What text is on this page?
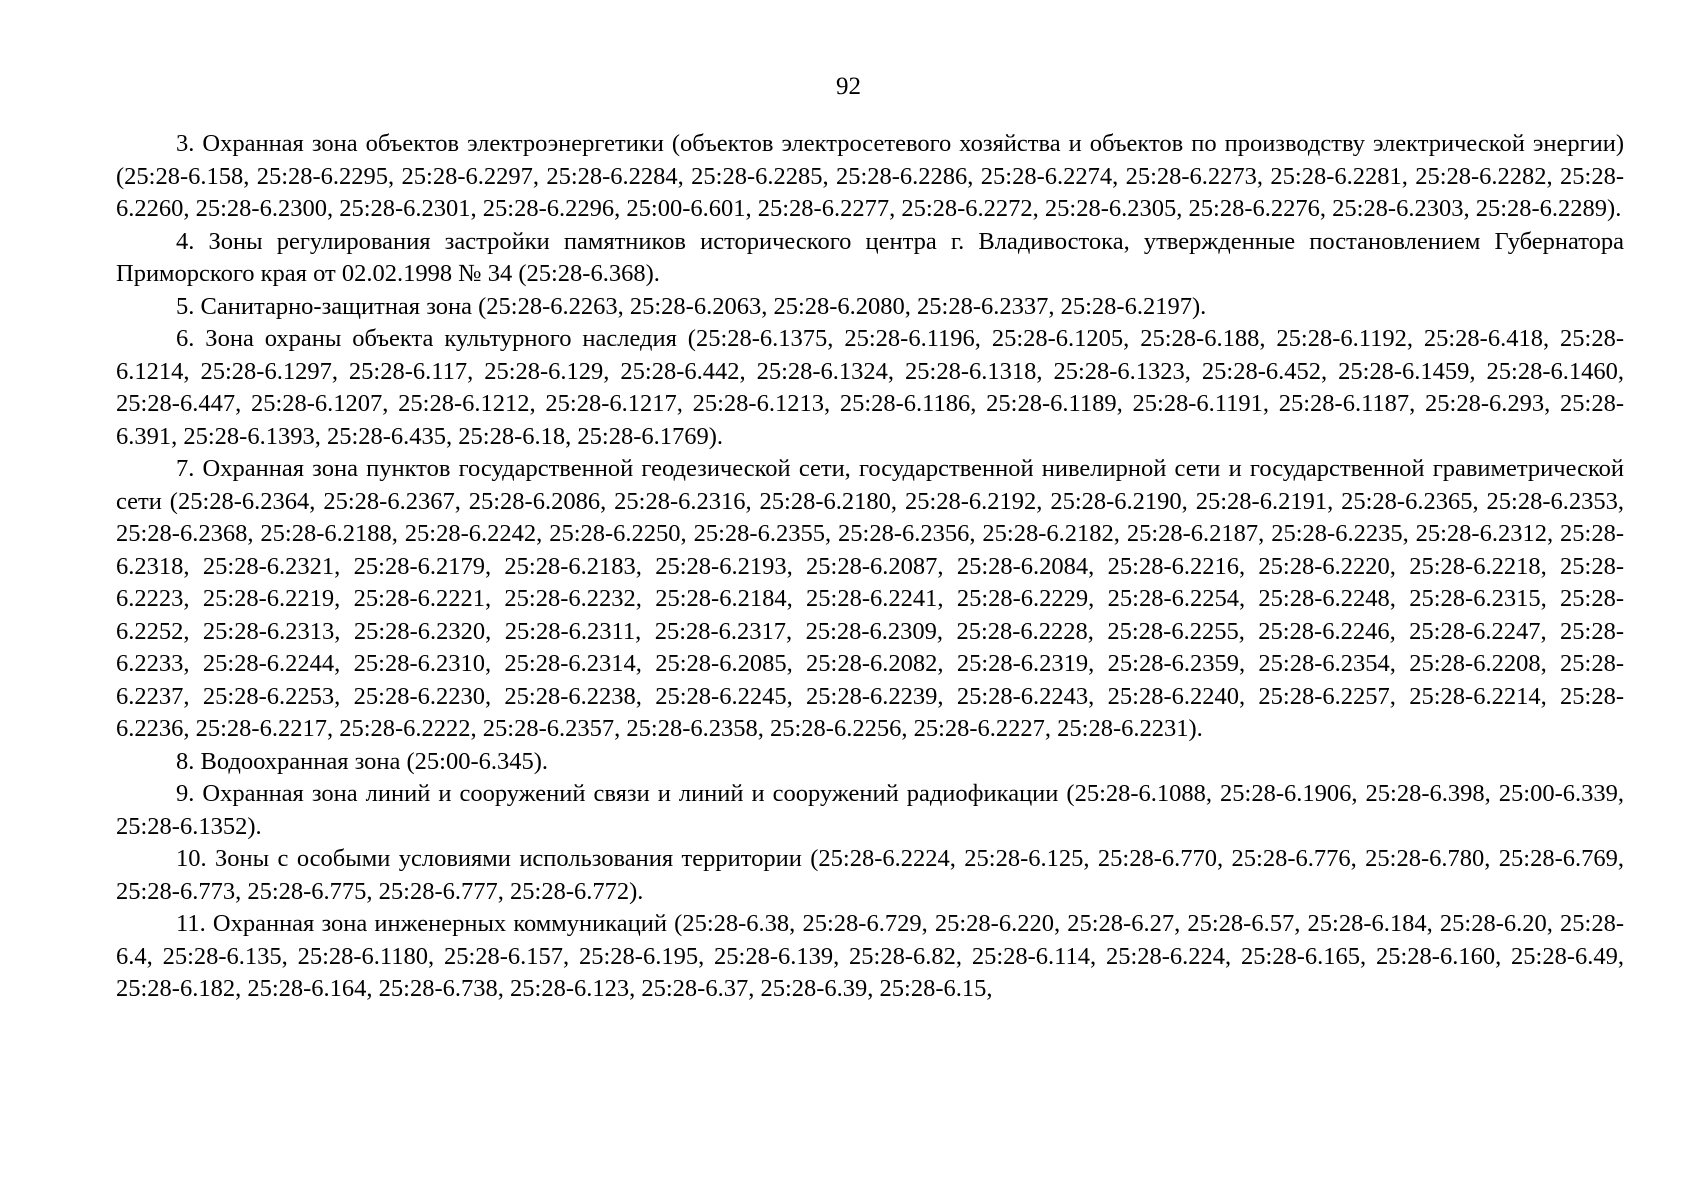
92

3. Охранная зона объектов электроэнергетики (объектов электросетевого хозяйства и объектов по производству электрической энергии) (25:28-6.158, 25:28-6.2295, 25:28-6.2297, 25:28-6.2284, 25:28-6.2285, 25:28-6.2286, 25:28-6.2274, 25:28-6.2273, 25:28-6.2281, 25:28-6.2282, 25:28-6.2260, 25:28-6.2300, 25:28-6.2301, 25:28-6.2296, 25:00-6.601, 25:28-6.2277, 25:28-6.2272, 25:28-6.2305, 25:28-6.2276, 25:28-6.2303, 25:28-6.2289).

4. Зоны регулирования застройки памятников исторического центра г. Владивостока, утвержденные постановлением Губернатора Приморского края от 02.02.1998 № 34 (25:28-6.368).

5. Санитарно-защитная зона (25:28-6.2263, 25:28-6.2063, 25:28-6.2080, 25:28-6.2337, 25:28-6.2197).

6. Зона охраны объекта культурного наследия (25:28-6.1375, 25:28-6.1196, 25:28-6.1205, 25:28-6.188, 25:28-6.1192, 25:28-6.418, 25:28-6.1214, 25:28-6.1297, 25:28-6.117, 25:28-6.129, 25:28-6.442, 25:28-6.1324, 25:28-6.1318, 25:28-6.1323, 25:28-6.452, 25:28-6.1459, 25:28-6.1460, 25:28-6.447, 25:28-6.1207, 25:28-6.1212, 25:28-6.1217, 25:28-6.1213, 25:28-6.1186, 25:28-6.1189, 25:28-6.1191, 25:28-6.1187, 25:28-6.293, 25:28-6.391, 25:28-6.1393, 25:28-6.435, 25:28-6.18, 25:28-6.1769).

7. Охранная зона пунктов государственной геодезической сети, государственной нивелирной сети и государственной гравиметрической сети (25:28-6.2364, 25:28-6.2367, 25:28-6.2086, 25:28-6.2316, 25:28-6.2180, 25:28-6.2192, 25:28-6.2190, 25:28-6.2191, 25:28-6.2365, 25:28-6.2353, 25:28-6.2368, 25:28-6.2188, 25:28-6.2242, 25:28-6.2250, 25:28-6.2355, 25:28-6.2356, 25:28-6.2182, 25:28-6.2187, 25:28-6.2235, 25:28-6.2312, 25:28-6.2318, 25:28-6.2321, 25:28-6.2179, 25:28-6.2183, 25:28-6.2193, 25:28-6.2087, 25:28-6.2084, 25:28-6.2216, 25:28-6.2220, 25:28-6.2218, 25:28-6.2223, 25:28-6.2219, 25:28-6.2221, 25:28-6.2232, 25:28-6.2184, 25:28-6.2241, 25:28-6.2229, 25:28-6.2254, 25:28-6.2248, 25:28-6.2315, 25:28-6.2252, 25:28-6.2313, 25:28-6.2320, 25:28-6.2311, 25:28-6.2317, 25:28-6.2309, 25:28-6.2228, 25:28-6.2255, 25:28-6.2246, 25:28-6.2247, 25:28-6.2233, 25:28-6.2244, 25:28-6.2310, 25:28-6.2314, 25:28-6.2085, 25:28-6.2082, 25:28-6.2319, 25:28-6.2359, 25:28-6.2354, 25:28-6.2208, 25:28-6.2237, 25:28-6.2253, 25:28-6.2230, 25:28-6.2238, 25:28-6.2245, 25:28-6.2239, 25:28-6.2243, 25:28-6.2240, 25:28-6.2257, 25:28-6.2214, 25:28-6.2236, 25:28-6.2217, 25:28-6.2222, 25:28-6.2357, 25:28-6.2358, 25:28-6.2256, 25:28-6.2227, 25:28-6.2231).

8. Водоохранная зона (25:00-6.345).

9. Охранная зона линий и сооружений связи и линий и сооружений радиофикации (25:28-6.1088, 25:28-6.1906, 25:28-6.398, 25:00-6.339, 25:28-6.1352).

10. Зоны с особыми условиями использования территории (25:28-6.2224, 25:28-6.125, 25:28-6.770, 25:28-6.776, 25:28-6.780, 25:28-6.769, 25:28-6.773, 25:28-6.775, 25:28-6.777, 25:28-6.772).

11. Охранная зона инженерных коммуникаций (25:28-6.38, 25:28-6.729, 25:28-6.220, 25:28-6.27, 25:28-6.57, 25:28-6.184, 25:28-6.20, 25:28-6.4, 25:28-6.135, 25:28-6.1180, 25:28-6.157, 25:28-6.195, 25:28-6.139, 25:28-6.82, 25:28-6.114, 25:28-6.224, 25:28-6.165, 25:28-6.160, 25:28-6.49, 25:28-6.182, 25:28-6.164, 25:28-6.738, 25:28-6.123, 25:28-6.37, 25:28-6.39, 25:28-6.15,
